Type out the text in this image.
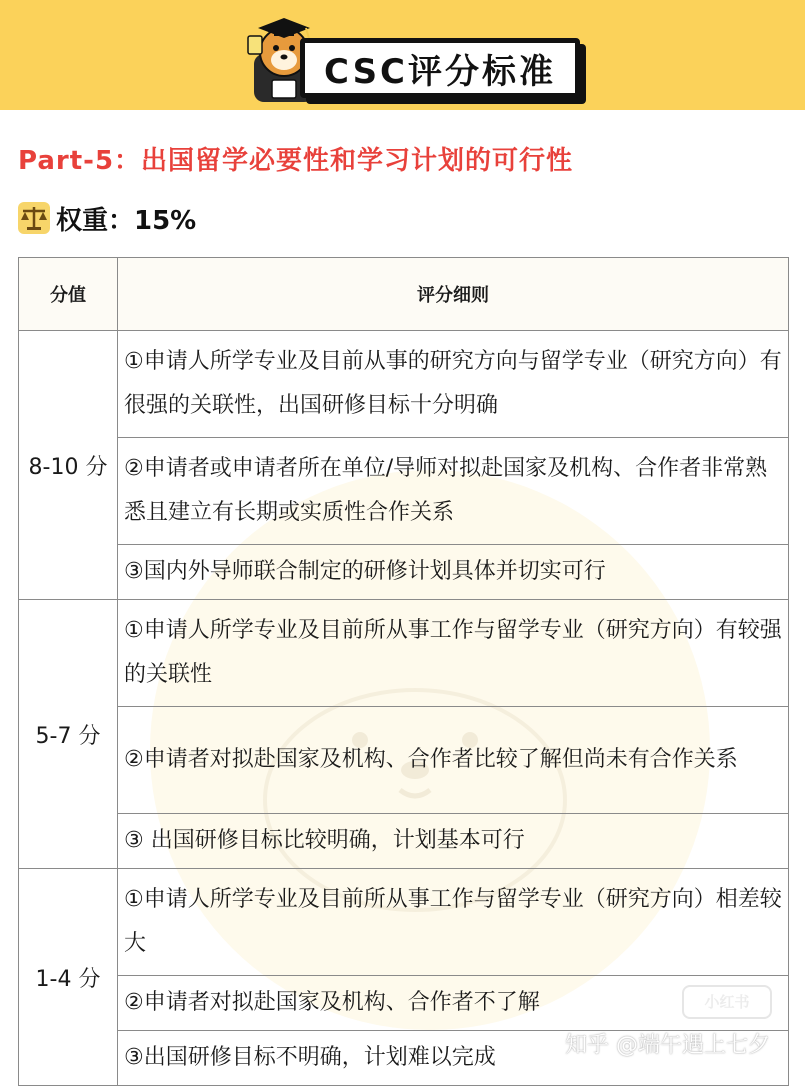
CSC评分标准
Part-5：出国留学必要性和学习计划的可行性
权重：15%
分值	评分细则
8-10 分	①申请人所学专业及目前从事的研究方向与留学专业（研究方向）有很强的关联性，出国研修目标十分明确
	②申请者或申请者所在单位/导师对拟赴国家及机构、合作者非常熟悉且建立有长期或实质性合作关系
	③国内外导师联合制定的研修计划具体并切实可行
5-7 分	①申请人所学专业及目前所从事工作与留学专业（研究方向）有较强的关联性
	②申请者对拟赴国家及机构、合作者比较了解但尚未有合作关系
	③ 出国研修目标比较明确，计划基本可行
1-4 分	①申请人所学专业及目前所从事工作与留学专业（研究方向）相差较大
	②申请者对拟赴国家及机构、合作者不了解
	③出国研修目标不明确，计划难以完成
小红书
知乎 @端午遇上七夕
